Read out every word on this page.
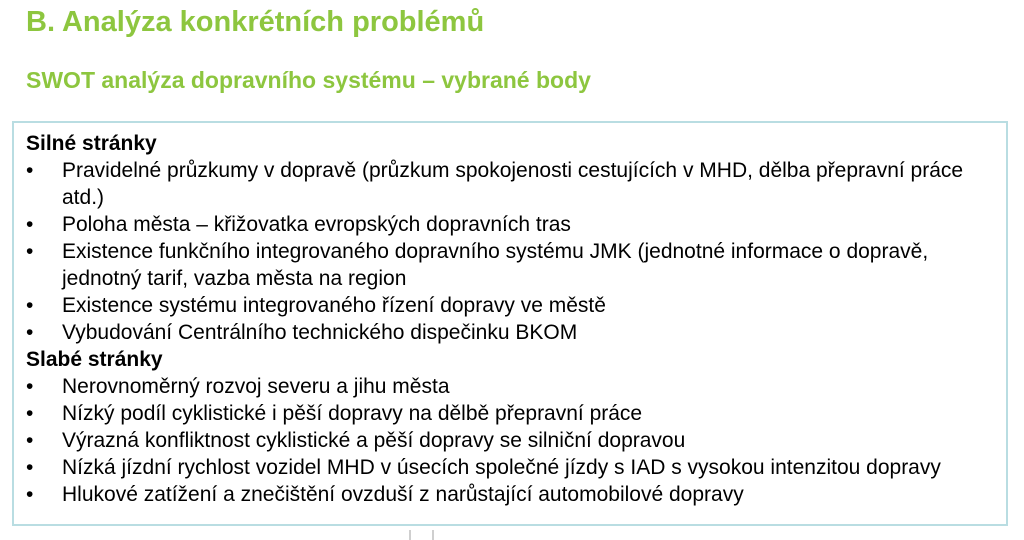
B. Analýza konkrétních problémů
SWOT analýza dopravního systému – vybrané body
Silné stránky
•	Pravidelné průzkumy v dopravě (průzkum spokojenosti cestujících v MHD, dělba přepravní práce atd.)
•	Poloha města – křižovatka evropských dopravních tras
•	Existence funkčního integrovaného dopravního systému JMK (jednotné informace o dopravě, jednotný tarif, vazba města na region
•	Existence systému integrovaného řízení dopravy ve městě
•	Vybudování Centrálního technického dispečinku BKOM
Slabé stránky
•	Nerovnoměrný rozvoj severu a jihu města
•	Nízký podíl cyklistické i pěší dopravy na dělbě přepravní práce
•	Výrazná konfliktnost cyklistické a pěší dopravy se silniční dopravou
•	Nízká jízdní rychlost vozidel MHD v úsecích společné jízdy s IAD s vysokou intenzitou dopravy
•	Hlukové zatížení a znečištění ovzduší z narůstající automobilové dopravy
